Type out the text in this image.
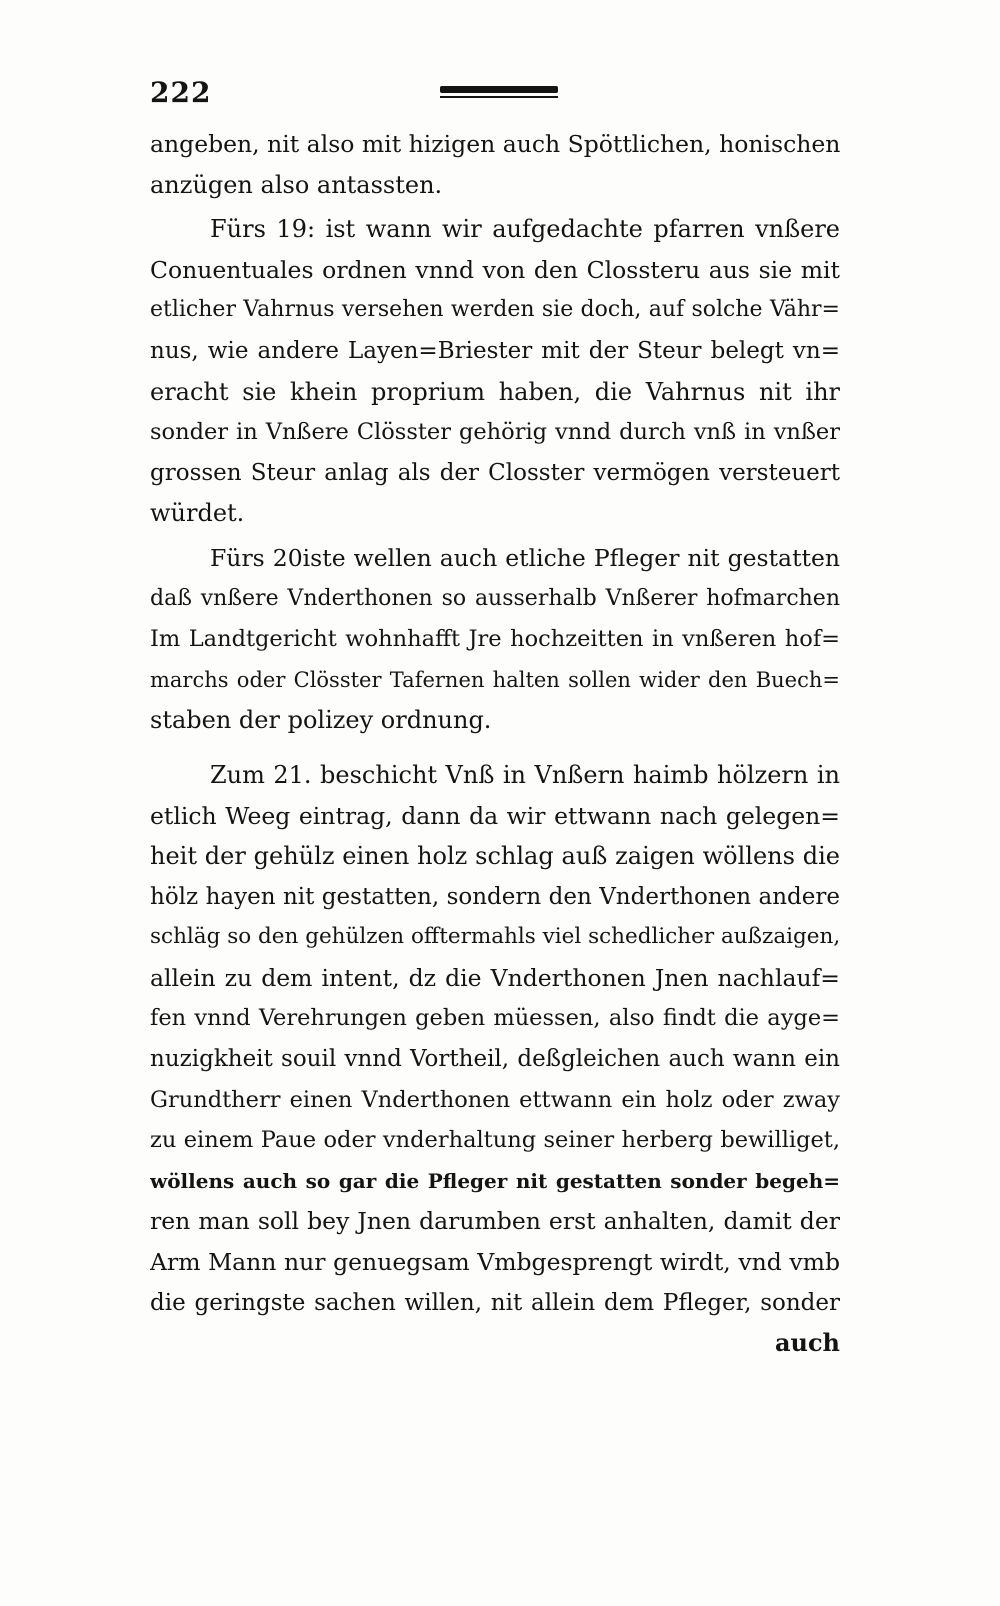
222
angeben, nit also mit hizigen auch Spöttlichen, honischen
anzügen also antassten.
Fürs 19: ist wann wir aufgedachte pfarren vnßere
Conuentuales ordnen vnnd von den Clossteru aus sie mit
etlicher Vahrnus versehen werden sie doch, auf solche Vähr=
nus, wie andere Layen=Briester mit der Steur belegt vn=
eracht sie khein proprium haben, die Vahrnus nit ihr
sonder in Vnßere Clösster gehörig vnnd durch vnß in vnßer
grossen Steur anlag als der Closster vermögen versteuert
würdet.
Fürs 20iste wellen auch etliche Pfleger nit gestatten
daß vnßere Vnderthonen so ausserhalb Vnßerer hofmarchen
Im Landtgericht wohnhafft Jre hochzeitten in vnßeren hof=
marchs oder Clösster Tafernen halten sollen wider den Buech=
staben der polizey ordnung.
Zum 21. beschicht Vnß in Vnßern haimb hölzern in
etlich Weeg eintrag, dann da wir ettwann nach gelegen=
heit der gehülz einen holz schlag auß zaigen wöllens die
hölz hayen nit gestatten, sondern den Vnderthonen andere
schläg so den gehülzen offtermahls viel schedlicher außzaigen,
allein zu dem intent, dz die Vnderthonen Jnen nachlauf=
fen vnnd Verehrungen geben müessen, also findt die ayge=
nuzigkheit souil vnnd Vortheil, deßgleichen auch wann ein
Grundtherr einen Vnderthonen ettwann ein holz oder zway
zu einem Paue oder vnderhaltung seiner herberg bewilliget,
wöllens auch so gar die Pfleger nit gestatten sonder begeh=
ren man soll bey Jnen darumben erst anhalten, damit der
Arm Mann nur genuegsam Vmbgesprengt wirdt, vnd vmb
die geringste sachen willen, nit allein dem Pfleger, sonder
auch
